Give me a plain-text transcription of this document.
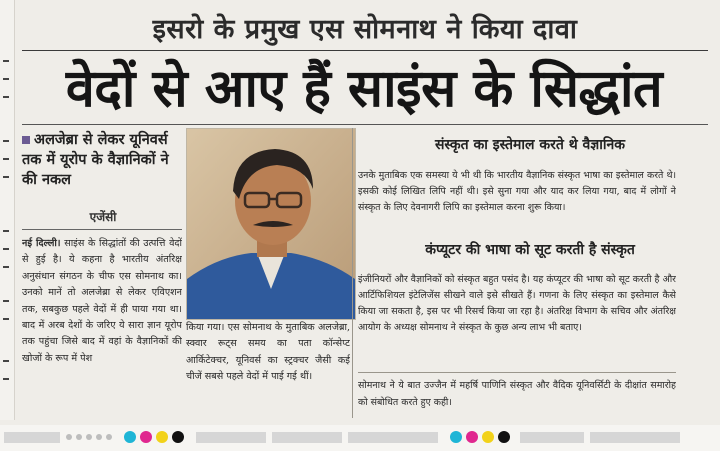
इसरो के प्रमुख एस सोमनाथ ने किया दावा
वेदों से आए हैं साइंस के सिद्धांत
अलजेब्रा से लेकर यूनिवर्स तक में यूरोप के वैज्ञानिकों ने की नकल
एजेंसी
नई दिल्ली। साइंस के सिद्धांतों की उत्पत्ति वेदों से हुई है। ये कहना है भारतीय अंतरिक्ष अनुसंधान संगठन के चीफ एस सोमनाथ का। उनको मानें तो अलजेब्रा से लेकर एविएशन तक, सबकुछ पहले वेदों में ही पाया गया था। बाद में अरब देशों के जरिए ये सारा ज्ञान यूरोप तक पहुंचा जिसे बाद में वहां के वैज्ञानिकों की खोजों के रूप में पेश
किया गया। एस सोमनाथ के मुताबिक अलजेब्रा, स्क्वार रूट्स समय का पता कॉन्सेप्ट आर्किटेक्चर, यूनिवर्स का स्ट्रक्चर जैसी कई चीजें सबसे पहले वेदों में पाई गई थीं।
संस्कृत का इस्तेमाल करते थे वैज्ञानिक
उनके मुताबिक एक समस्या ये भी थी कि भारतीय वैज्ञानिक संस्कृत भाषा का इस्तेमाल करते थे। इसकी कोई लिखित लिपि नहीं थी। इसे सुना गया और याद कर लिया गया, बाद में लोगों ने संस्कृत के लिए देवनागरी लिपि का इस्तेमाल करना शुरू किया।
कंप्यूटर की भाषा को सूट करती है संस्कृत
इंजीनियरों और वैज्ञानिकों को संस्कृत बहुत पसंद है। यह कंप्यूटर की भाषा को सूट करती है और आर्टिफिशियल इंटेलिजेंस सीखने वाले इसे सीखते हैं। गणना के लिए संस्कृत का इस्तेमाल कैसे किया जा सकता है, इस पर भी रिसर्च किया जा रहा है। अंतरिक्ष विभाग के सचिव और अंतरिक्ष आयोग के अध्यक्ष सोमनाथ ने संस्कृत के कुछ अन्य लाभ भी बताए।
सोमनाथ ने ये बात उज्जैन में महर्षि पाणिनि संस्कृत और वैदिक यूनिवर्सिटी के दीक्षांत समारोह को संबोधित करते हुए कही।
